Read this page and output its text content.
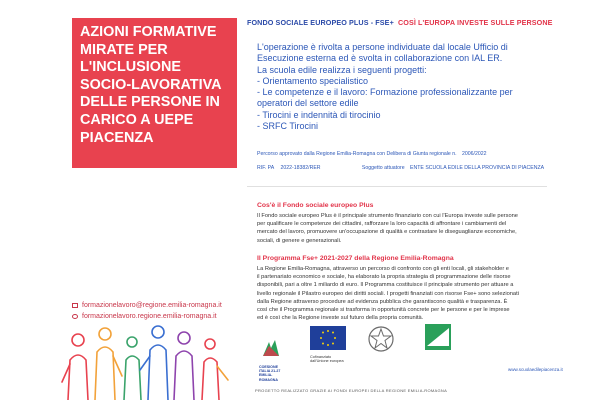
AZIONI FORMATIVE
MIRATE PER
L'INCLUSIONE
SOCIO-LAVORATIVA
DELLE PERSONE IN
CARICO A UEPE
PIACENZA
formazionelavoro@regione.emilia-romagna.it
formazionelavoro.regione.emilia-romagna.it
FONDO SOCIALE EUROPEO PLUS - FSE+ COSÌ L'EUROPA INVESTE SULLE PERSONE
L'operazione è rivolta a persone individuate dal locale Ufficio di
Esecuzione esterna ed è svolta in collaborazione con IAL ER.
La scuola edile realizza i seguenti progetti:
- Orientamento specialistico
- Le competenze e il lavoro: Formazione professionalizzante per
operatori del settore edile
- Tirocini e indennità di tirocinio
- SRFC Tirocini
Percorso approvato dalla Regione Emilia-Romagna con Delibera di Giunta regionale n. 2006/2022
RIF. PA 2022-18382/RER	Soggetto attuatore ENTE SCUOLA EDILE DELLA PROVINCIA DI PIACENZA
Cos'è il Fondo sociale europeo Plus
Il Fondo sociale europeo Plus è il principale strumento finanziario con cui l'Europa investe sulle persone
per qualificare le competenze dei cittadini, rafforzare la loro capacità di affrontare i cambiamenti del
mercato del lavoro, promuovere un'occupazione di qualità e contrastare le diseguaglianze economiche,
sociali, di genere e generazionali.
Il Programma Fse+ 2021-2027 della Regione Emilia-Romagna
La Regione Emilia-Romagna, attraverso un percorso di confronto con gli enti locali, gli stakeholder e
il partenariato economico e sociale, ha elaborato la propria strategia di programmazione delle risorse
disponibili, pari a oltre 1 miliardo di euro. Il Programma costituisce il principale strumento per attuare a
livello regionale il Pilastro europeo dei diritti sociali. I progetti finanziati con risorse Fse+ sono selezionati
dalla Regione attraverso procedure ad evidenza pubblica che garantiscono qualità e trasparenza. È
così che il Programma regionale si trasforma in opportunità concrete per le persone e per le imprese
ed è così che la Regione investe sul futuro della propria comunità.
COESIONE ITALIA 21-27 EMILIA-ROMAGNA
Cofinanziato dall'Unione europea
www.scuolaedilepiacenza.it
PROGETTO REALIZZATO GRAZIE AI FONDI EUROPEI DELLA REGIONE EMILIA-ROMAGNA
